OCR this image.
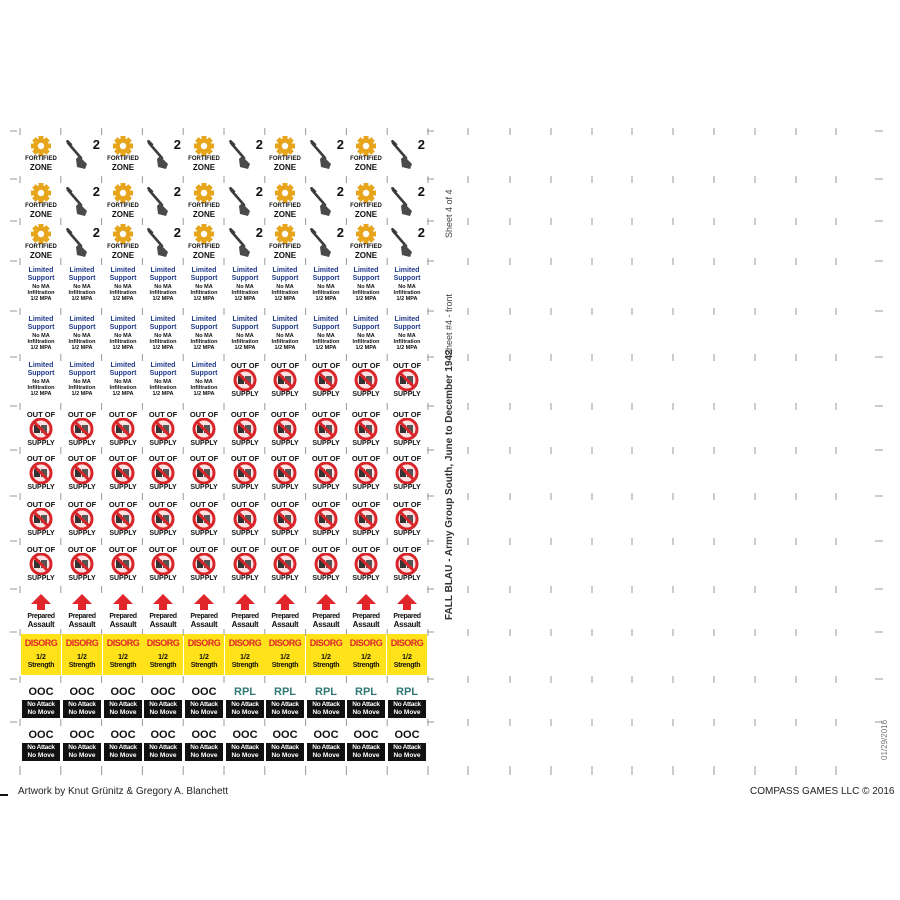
FORTIFIED
ZONE
2
FORTIFIED
ZONE
2
FORTIFIED
ZONE
2
FORTIFIED
ZONE
2
FORTIFIED
ZONE
2
FORTIFIED
ZONE
2
FORTIFIED
ZONE
2
FORTIFIED
ZONE
2
FORTIFIED
ZONE
2
FORTIFIED
ZONE
2
FORTIFIED
ZONE
2
FORTIFIED
ZONE
2
FORTIFIED
ZONE
2
FORTIFIED
ZONE
2
FORTIFIED
ZONE
2
Limited
Support
No MA
Infiltration
1/2 MPA
Limited
Support
No MA
Infiltration
1/2 MPA
Limited
Support
No MA
Infiltration
1/2 MPA
Limited
Support
No MA
Infiltration
1/2 MPA
Limited
Support
No MA
Infiltration
1/2 MPA
Limited
Support
No MA
Infiltration
1/2 MPA
Limited
Support
No MA
Infiltration
1/2 MPA
Limited
Support
No MA
Infiltration
1/2 MPA
Limited
Support
No MA
Infiltration
1/2 MPA
Limited
Support
No MA
Infiltration
1/2 MPA
Limited
Support
No MA
Infiltration
1/2 MPA
Limited
Support
No MA
Infiltration
1/2 MPA
Limited
Support
No MA
Infiltration
1/2 MPA
Limited
Support
No MA
Infiltration
1/2 MPA
Limited
Support
No MA
Infiltration
1/2 MPA
Limited
Support
No MA
Infiltration
1/2 MPA
Limited
Support
No MA
Infiltration
1/2 MPA
Limited
Support
No MA
Infiltration
1/2 MPA
Limited
Support
No MA
Infiltration
1/2 MPA
Limited
Support
No MA
Infiltration
1/2 MPA
Limited
Support
No MA
Infiltration
1/2 MPA
Limited
Support
No MA
Infiltration
1/2 MPA
Limited
Support
No MA
Infiltration
1/2 MPA
Limited
Support
No MA
Infiltration
1/2 MPA
Limited
Support
No MA
Infiltration
1/2 MPA
OUT OF
SUPPLY
OUT OF
SUPPLY
OUT OF
SUPPLY
OUT OF
SUPPLY
OUT OF
SUPPLY
OUT OF
SUPPLY
OUT OF
SUPPLY
OUT OF
SUPPLY
OUT OF
SUPPLY
OUT OF
SUPPLY
OUT OF
SUPPLY
OUT OF
SUPPLY
OUT OF
SUPPLY
OUT OF
SUPPLY
OUT OF
SUPPLY
OUT OF
SUPPLY
OUT OF
SUPPLY
OUT OF
SUPPLY
OUT OF
SUPPLY
OUT OF
SUPPLY
OUT OF
SUPPLY
OUT OF
SUPPLY
OUT OF
SUPPLY
OUT OF
SUPPLY
OUT OF
SUPPLY
OUT OF
SUPPLY
OUT OF
SUPPLY
OUT OF
SUPPLY
OUT OF
SUPPLY
OUT OF
SUPPLY
OUT OF
SUPPLY
OUT OF
SUPPLY
OUT OF
SUPPLY
OUT OF
SUPPLY
OUT OF
SUPPLY
OUT OF
SUPPLY
OUT OF
SUPPLY
OUT OF
SUPPLY
OUT OF
SUPPLY
OUT OF
SUPPLY
OUT OF
SUPPLY
OUT OF
SUPPLY
OUT OF
SUPPLY
OUT OF
SUPPLY
OUT OF
SUPPLY
Prepared
Assault
Prepared
Assault
Prepared
Assault
Prepared
Assault
Prepared
Assault
Prepared
Assault
Prepared
Assault
Prepared
Assault
Prepared
Assault
Prepared
Assault
DISORG
1/2
Strength
DISORG
1/2
Strength
DISORG
1/2
Strength
DISORG
1/2
Strength
DISORG
1/2
Strength
DISORG
1/2
Strength
DISORG
1/2
Strength
DISORG
1/2
Strength
DISORG
1/2
Strength
DISORG
1/2
Strength
OOC
No Attack
No Move
OOC
No Attack
No Move
OOC
No Attack
No Move
OOC
No Attack
No Move
OOC
No Attack
No Move
RPL
No Attack
No Move
RPL
No Attack
No Move
RPL
No Attack
No Move
RPL
No Attack
No Move
RPL
No Attack
No Move
OOC
No Attack
No Move
OOC
No Attack
No Move
OOC
No Attack
No Move
OOC
No Attack
No Move
OOC
No Attack
No Move
OOC
No Attack
No Move
OOC
No Attack
No Move
OOC
No Attack
No Move
OOC
No Attack
No Move
OOC
No Attack
No Move
FALL BLAU - Army Group South, June to December 1942
Sheet #4 - front
Sheet 4 of 4
01/29/2016
Artwork by Knut Grünitz & Gregory A. Blanchett	COMPASS GAMES LLC © 2016
